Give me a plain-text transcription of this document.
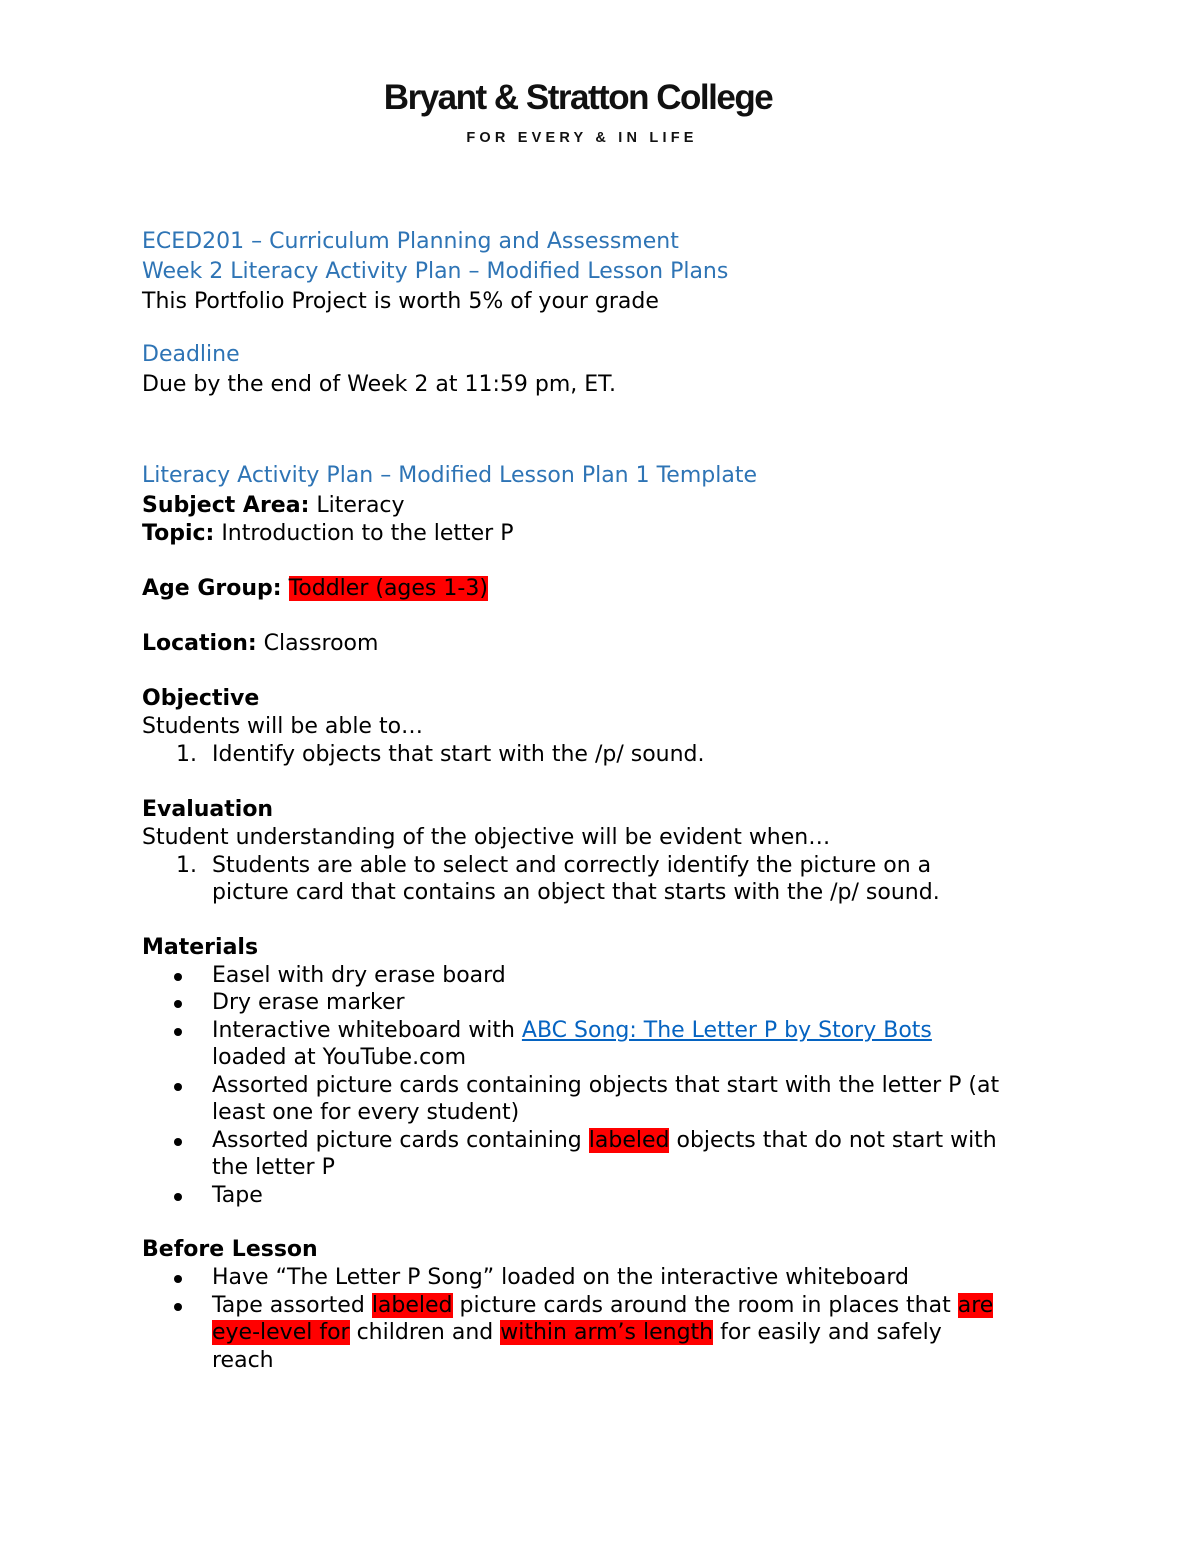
Bryant & Stratton College
FOR EVERY & IN LIFE
ECED201 – Curriculum Planning and Assessment
Week 2 Literacy Activity Plan – Modified Lesson Plans
This Portfolio Project is worth 5% of your grade
Deadline
Due by the end of Week 2 at 11:59 pm, ET.
Literacy Activity Plan – Modified Lesson Plan 1 Template
Subject Area: Literacy
Topic: Introduction to the letter P
Age Group: Toddler (ages 1-3)
Location: Classroom
Objective
Students will be able to…
1. Identify objects that start with the /p/ sound.
Evaluation
Student understanding of the objective will be evident when…
1. Students are able to select and correctly identify the picture on a
picture card that contains an object that starts with the /p/ sound.
Materials
Easel with dry erase board
Dry erase marker
Interactive whiteboard with ABC Song: The Letter P by Story Bots
loaded at YouTube.com
Assorted picture cards containing objects that start with the letter P (at
least one for every student)
Assorted picture cards containing labeled objects that do not start with
the letter P
Tape
Before Lesson
Have “The Letter P Song” loaded on the interactive whiteboard
Tape assorted labeled picture cards around the room in places that are
eye-level for children and within arm’s length for easily and safely
reach
